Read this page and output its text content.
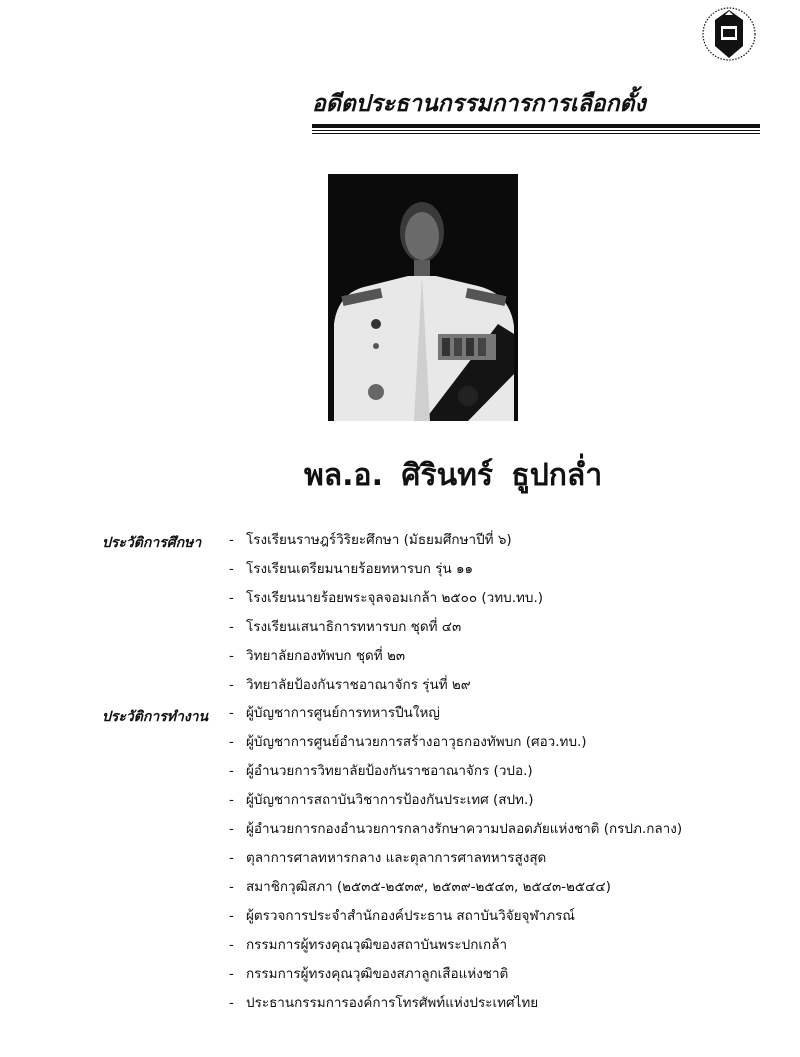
อดีตประธานกรรมการการเลือกตั้ง
พล.อ. ศิรินทร์ ธูปกล่ำ
ประวัติการศึกษา	- โรงเรียนราษฎร์วิริยะศึกษา (มัธยมศึกษาปีที่ ๖)
- โรงเรียนเตรียมนายร้อยทหารบก รุ่น ๑๑
- โรงเรียนนายร้อยพระจุลจอมเกล้า ๒๕๐๐ (วทบ.ทบ.)
- โรงเรียนเสนาธิการทหารบก ชุดที่ ๔๓
- วิทยาลัยกองทัพบก ชุดที่ ๒๓
- วิทยาลัยป้องกันราชอาณาจักร รุ่นที่ ๒๙
ประวัติการทำงาน	- ผู้บัญชาการศูนย์การทหารปืนใหญ่
- ผู้บัญชาการศูนย์อำนวยการสร้างอาวุธกองทัพบก (ศอว.ทบ.)
- ผู้อำนวยการวิทยาลัยป้องกันราชอาณาจักร (วปอ.)
- ผู้บัญชาการสถาบันวิชาการป้องกันประเทศ (สปท.)
- ผู้อำนวยการกองอำนวยการกลางรักษาความปลอดภัยแห่งชาติ (กรปภ.กลาง)
- ตุลาการศาลทหารกลาง และตุลาการศาลทหารสูงสุด
- สมาชิกวุฒิสภา (๒๕๓๕-๒๕๓๙, ๒๕๓๙-๒๕๔๓, ๒๕๔๓-๒๕๔๔)
- ผู้ตรวจการประจำสำนักองค์ประธาน สถาบันวิจัยจุฬาภรณ์
- กรรมการผู้ทรงคุณวุฒิของสถาบันพระปกเกล้า
- กรรมการผู้ทรงคุณวุฒิของสภาลูกเสือแห่งชาติ
- ประธานกรรมการองค์การโทรศัพท์แห่งประเทศไทย
